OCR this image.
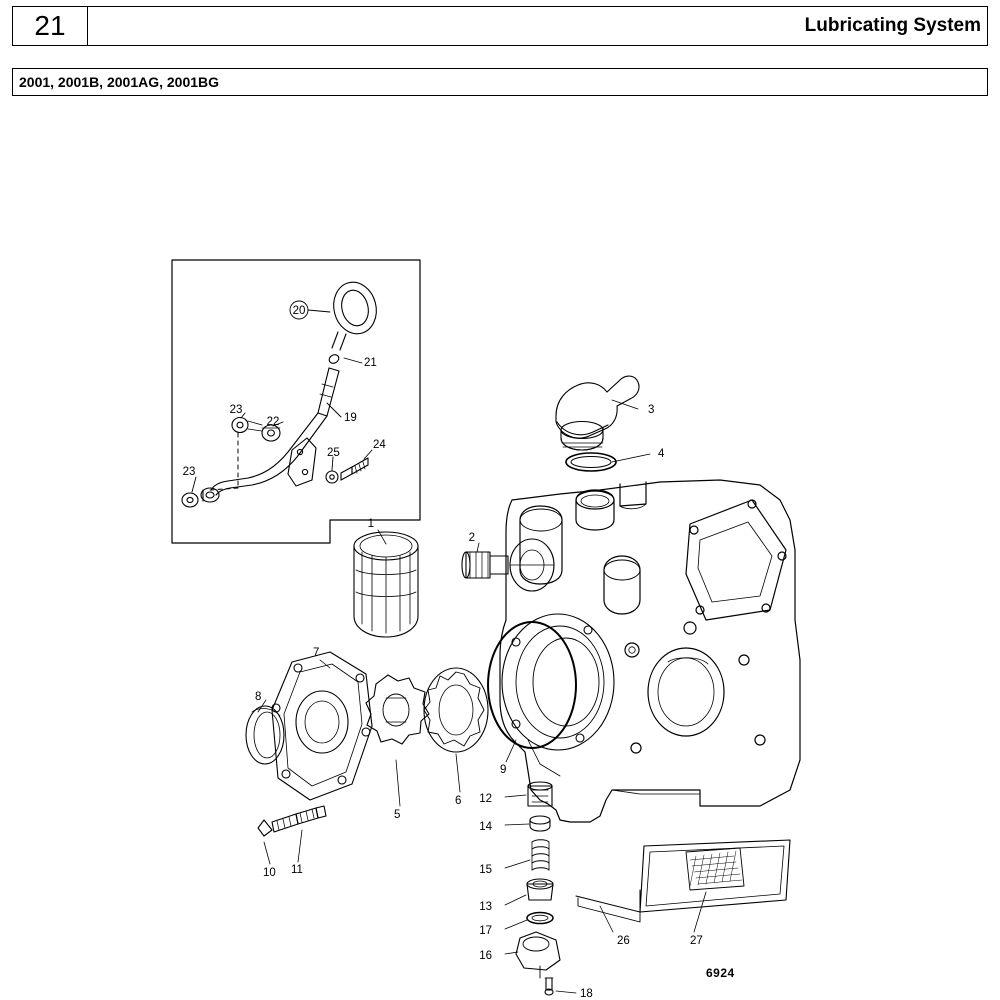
21	Lubricating System
2001, 2001B, 2001AG, 2001BG
1
2
3
4
5
6
7
8
9
10 11
12
13
14
15
16
17
18
19
20
21
22
23
23
24
25
26	27
6924
